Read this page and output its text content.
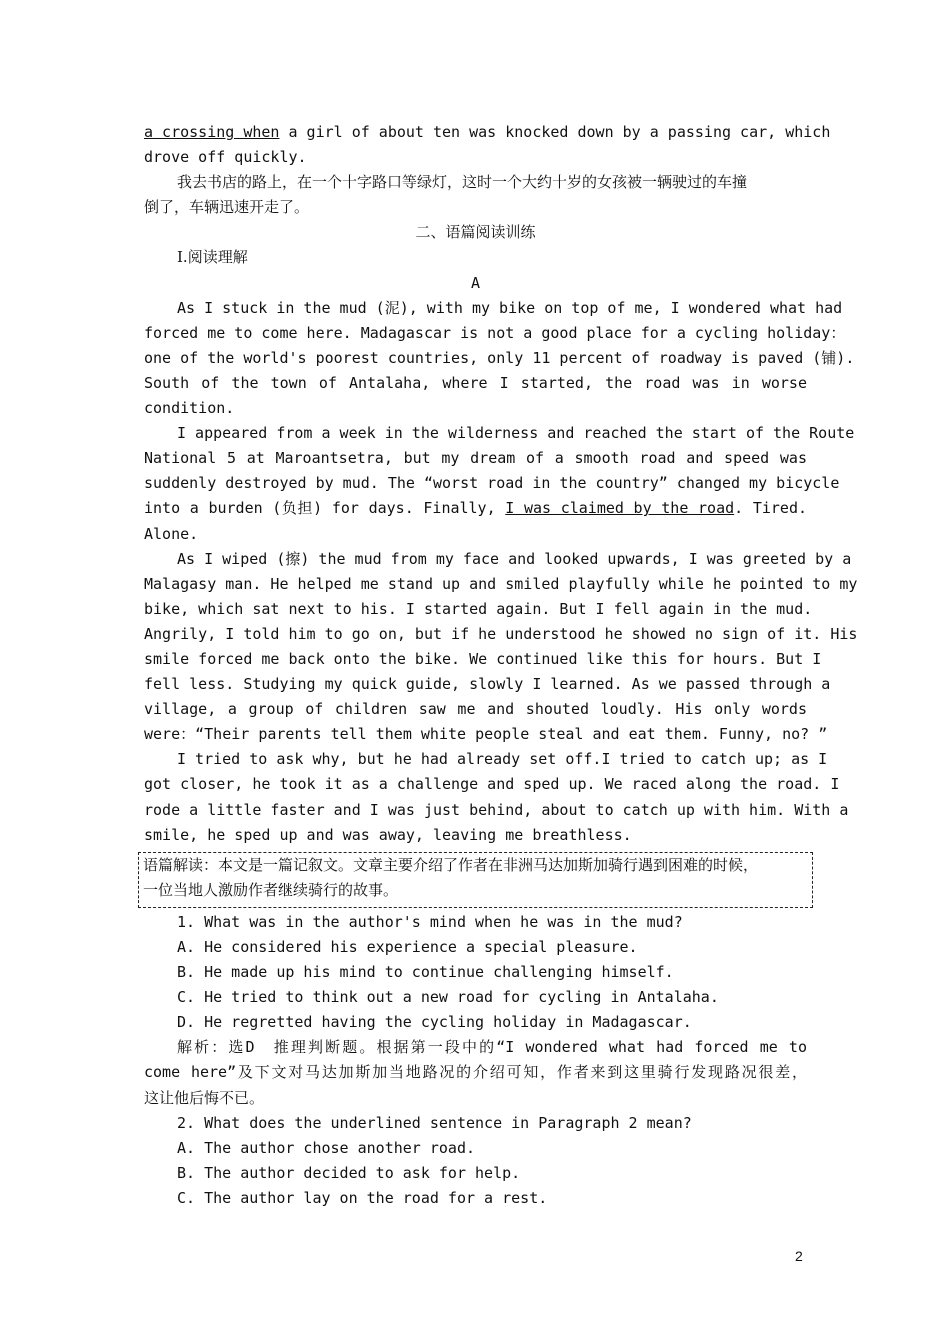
a crossing when a girl of about ten was knocked down by a passing car, which
drove off quickly.
我去书店的路上，在一个十字路口等绿灯，这时一个大约十岁的女孩被一辆驶过的车撞
倒了，车辆迅速开走了。
二、语篇阅读训练
Ⅰ.阅读理解
A
As I stuck in the mud (泥), with my bike on top of me, I wondered what had
forced me to come here. Madagascar is not a good place for a cycling holiday：
one of the world's poorest countries, only 11 percent of roadway is paved (铺).
South of the town of Antalaha, where I started, the road was in worse
condition.
I appeared from a week in the wilderness and reached the start of the Route
National 5 at Maroantsetra, but my dream of a smooth road and speed was
suddenly destroyed by mud. The “worst road in the country” changed my bicycle
into a burden (负担) for days. Finally, I was claimed by the road. Tired.
Alone.
As I wiped (擦) the mud from my face and looked upwards, I was greeted by a
Malagasy man. He helped me stand up and smiled playfully while he pointed to my
bike, which sat next to his. I started again. But I fell again in the mud.
Angrily, I told him to go on, but if he understood he showed no sign of it. His
smile forced me back onto the bike. We continued like this for hours. But I
fell less. Studying my quick guide, slowly I learned. As we passed through a
village, a group of children saw me and shouted loudly. His only words
were：“Their parents tell them white people steal and eat them. Funny, no? ”
I tried to ask why, but he had already set off.I tried to catch up; as I
got closer, he took it as a challenge and sped up. We raced along the road. I
rode a little faster and I was just behind, about to catch up with him. With a
smile, he sped up and was away, leaving me breathless.
语篇解读：本文是一篇记叙文。文章主要介绍了作者在非洲马达加斯加骑行遇到困难的时候，
一位当地人激励作者继续骑行的故事。
1. What was in the author's mind when he was in the mud?
A. He considered his experience a special pleasure.
B. He made up his mind to continue challenging himself.
C. He tried to think out a new road for cycling in Antalaha.
D. He regretted having the cycling holiday in Madagascar.
解析：选D　推理判断题。根据第一段中的“I wondered what had forced me to
come here”及下文对马达加斯加当地路况的介绍可知，作者来到这里骑行发现路况很差，
这让他后悔不已。
2. What does the underlined sentence in Paragraph 2 mean?
A. The author chose another road.
B. The author decided to ask for help.
C. The author lay on the road for a rest.
2
